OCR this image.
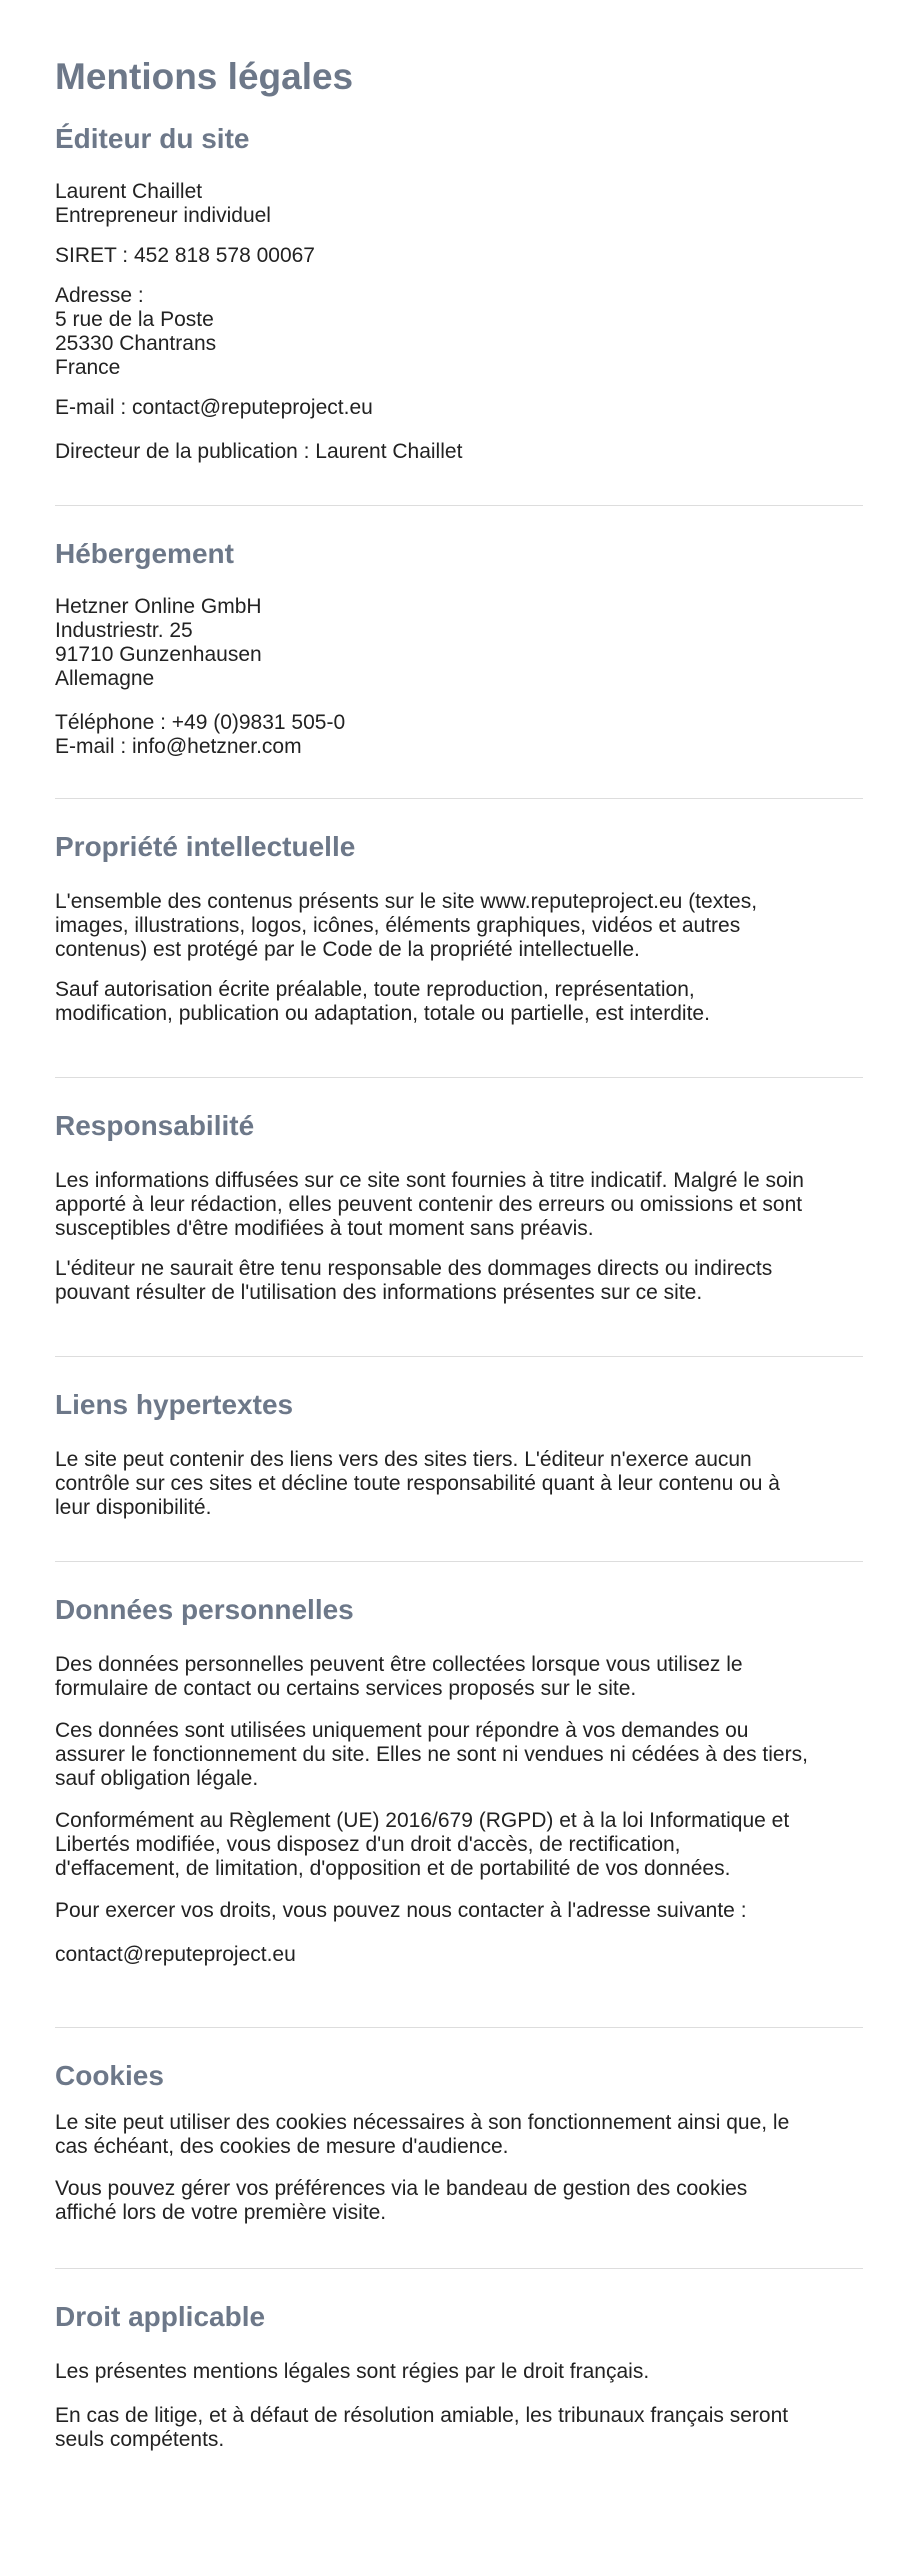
Mentions légales
Éditeur du site

Laurent Chaillet
Entrepreneur individuel

SIRET : 452 818 578 00067

Adresse :
5 rue de la Poste
25330 Chantrans
France

E-mail : contact@reputeproject.eu

Directeur de la publication : Laurent Chaillet

Hébergement

Hetzner Online GmbH
Industriestr. 25
91710 Gunzenhausen
Allemagne

Téléphone : +49 (0)9831 505-0
E-mail : info@hetzner.com

Propriété intellectuelle

L'ensemble des contenus présents sur le site www.reputeproject.eu (textes,
images, illustrations, logos, icônes, éléments graphiques, vidéos et autres
contenus) est protégé par le Code de la propriété intellectuelle.

Sauf autorisation écrite préalable, toute reproduction, représentation,
modification, publication ou adaptation, totale ou partielle, est interdite.

Responsabilité

Les informations diffusées sur ce site sont fournies à titre indicatif. Malgré le soin
apporté à leur rédaction, elles peuvent contenir des erreurs ou omissions et sont
susceptibles d'être modifiées à tout moment sans préavis.

L'éditeur ne saurait être tenu responsable des dommages directs ou indirects
pouvant résulter de l'utilisation des informations présentes sur ce site.

Liens hypertextes

Le site peut contenir des liens vers des sites tiers. L'éditeur n'exerce aucun
contrôle sur ces sites et décline toute responsabilité quant à leur contenu ou à
leur disponibilité.

Données personnelles

Des données personnelles peuvent être collectées lorsque vous utilisez le
formulaire de contact ou certains services proposés sur le site.

Ces données sont utilisées uniquement pour répondre à vos demandes ou
assurer le fonctionnement du site. Elles ne sont ni vendues ni cédées à des tiers,
sauf obligation légale.

Conformément au Règlement (UE) 2016/679 (RGPD) et à la loi Informatique et
Libertés modifiée, vous disposez d'un droit d'accès, de rectification,
d'effacement, de limitation, d'opposition et de portabilité de vos données.

Pour exercer vos droits, vous pouvez nous contacter à l'adresse suivante :

contact@reputeproject.eu

Cookies

Le site peut utiliser des cookies nécessaires à son fonctionnement ainsi que, le
cas échéant, des cookies de mesure d'audience.

Vous pouvez gérer vos préférences via le bandeau de gestion des cookies
affiché lors de votre première visite.

Droit applicable

Les présentes mentions légales sont régies par le droit français.

En cas de litige, et à défaut de résolution amiable, les tribunaux français seront
seuls compétents.
